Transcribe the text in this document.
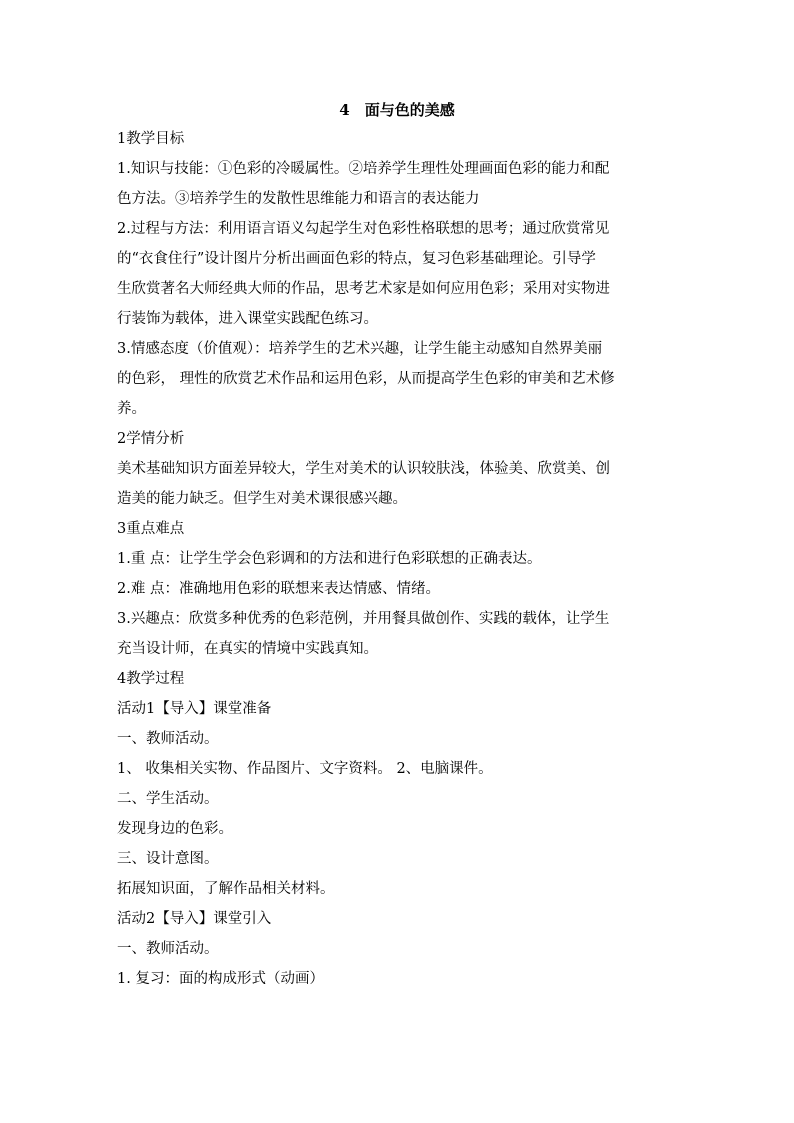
4　面与色的美感

1教学目标

1.知识与技能：①色彩的冷暖属性。②培养学生理性处理画面色彩的能力和配
色方法。③培养学生的发散性思维能力和语言的表达能力
2.过程与方法：利用语言语义勾起学生对色彩性格联想的思考；通过欣赏常见
的“衣食住行”设计图片分析出画面色彩的特点，复习色彩基础理论。引导学
生欣赏著名大师经典大师的作品，思考艺术家是如何应用色彩；采用对实物进
行装饰为载体，进入课堂实践配色练习。
3.情感态度（价值观）：培养学生的艺术兴趣，让学生能主动感知自然界美丽
的色彩， 理性的欣赏艺术作品和运用色彩，从而提高学生色彩的审美和艺术修
养。

2学情分析

美术基础知识方面差异较大，学生对美术的认识较肤浅，体验美、欣赏美、创
造美的能力缺乏。但学生对美术课很感兴趣。

3重点难点

1.重 点：让学生学会色彩调和的方法和进行色彩联想的正确表达。

2.难 点：准确地用色彩的联想来表达情感、情绪。

3.兴趣点：欣赏多种优秀的色彩范例，并用餐具做创作、实践的载体，让学生
充当设计师，在真实的情境中实践真知。

4教学过程

活动1【导入】课堂准备

一、教师活动。

1、 收集相关实物、作品图片、文字资料。 2、电脑课件。

二、学生活动。

发现身边的色彩。

三、设计意图。

拓展知识面，了解作品相关材料。

活动2【导入】课堂引入

一、教师活动。

1. 复习：面的构成形式（动画）
